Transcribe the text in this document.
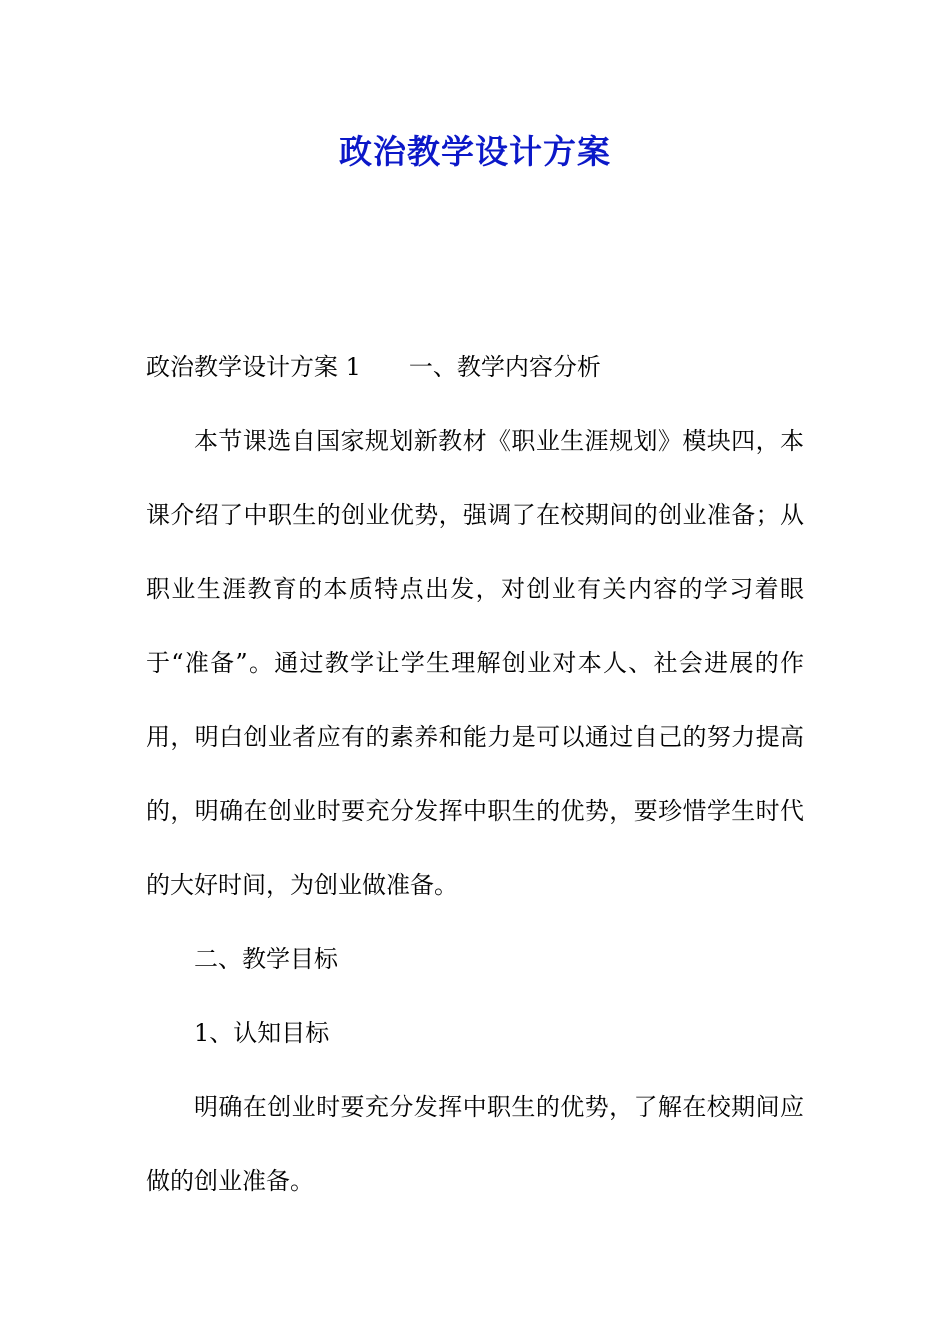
政治教学设计方案

政治教学设计方案 1 一、教学内容分析

本节课选自国家规划新教材《职业生涯规划》模块四，本课介绍了中职生的创业优势，强调了在校期间的创业准备；从职业生涯教育的本质特点出发，对创业有关内容的学习着眼于“准备”。通过教学让学生理解创业对本人、社会进展的作用，明白创业者应有的素养和能力是可以通过自己的努力提高的，明确在创业时要充分发挥中职生的优势，要珍惜学生时代的大好时间，为创业做准备。

二、教学目标

1、认知目标

明确在创业时要充分发挥中职生的优势，了解在校期间应做的创业准备。
